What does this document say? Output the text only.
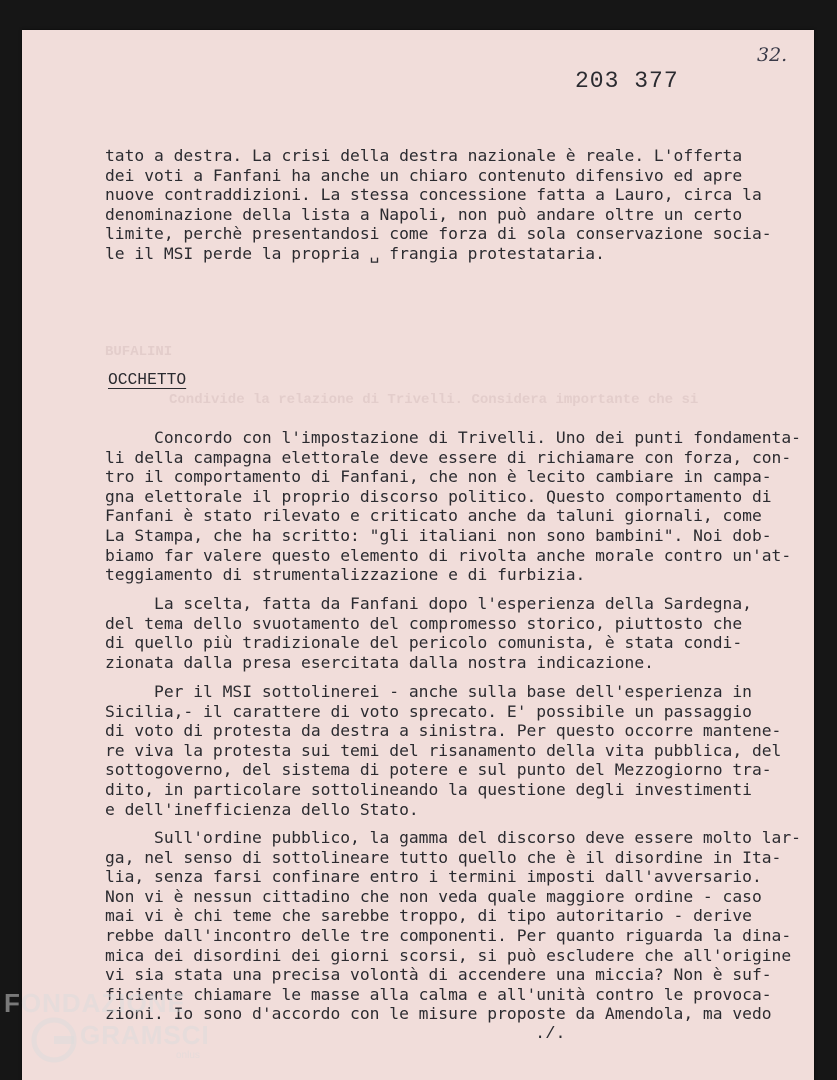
32.
203 377
tato a destra. La crisi della destra nazionale è reale. L'offerta
dei voti a Fanfani ha anche un chiaro contenuto difensivo ed apre
nuove contraddizioni. La stessa concessione fatta a Lauro, circa la
denominazione della lista a Napoli, non può andare oltre un certo
limite, perchè presentandosi come forza di sola conservazione socia-
le il MSI perde la propria ␣ frangia protestataria.
BUFALINI
Condivide la relazione di Trivelli. Considera importante che si
OCCHETTO
Concordo con l'impostazione di Trivelli. Uno dei punti fondamenta-
li della campagna elettorale deve essere di richiamare con forza, con-
tro il comportamento di Fanfani, che non è lecito cambiare in campa-
gna elettorale il proprio discorso politico. Questo comportamento di
Fanfani è stato rilevato e criticato anche da taluni giornali, come
La Stampa, che ha scritto: "gli italiani non sono bambini". Noi dob-
biamo far valere questo elemento di rivolta anche morale contro un'at-
teggiamento di strumentalizzazione e di furbizia.
La scelta, fatta da Fanfani dopo l'esperienza della Sardegna,
del tema dello svuotamento del compromesso storico, piuttosto che
di quello più tradizionale del pericolo comunista, è stata condi-
zionata dalla presa esercitata dalla nostra indicazione.
Per il MSI sottolinerei - anche sulla base dell'esperienza in
Sicilia,- il carattere di voto sprecato. E' possibile un passaggio
di voto di protesta da destra a sinistra. Per questo occorre mantene-
re viva la protesta sui temi del risanamento della vita pubblica, del
sottogoverno, del sistema di potere e sul punto del Mezzogiorno tra-
dito, in particolare sottolineando la questione degli investimenti
e dell'inefficienza dello Stato.
Sull'ordine pubblico, la gamma del discorso deve essere molto lar-
ga, nel senso di sottolineare tutto quello che è il disordine in Ita-
lia, senza farsi confinare entro i termini imposti dall'avversario.
Non vi è nessun cittadino che non veda quale maggiore ordine - caso
mai vi è chi teme che sarebbe troppo, di tipo autoritario - derive
rebbe dall'incontro delle tre componenti. Per quanto riguarda la dina-
mica dei disordini dei giorni scorsi, si può escludere che all'origine
vi sia stata una precisa volontà di accendere una miccia? Non è suf-
ficiente chiamare le masse alla calma e all'unità contro le provoca-
zioni. Io sono d'accordo con le misure proposte da Amendola, ma vedo
./.
FONDAZIONE
GRAMSCI
onlus
